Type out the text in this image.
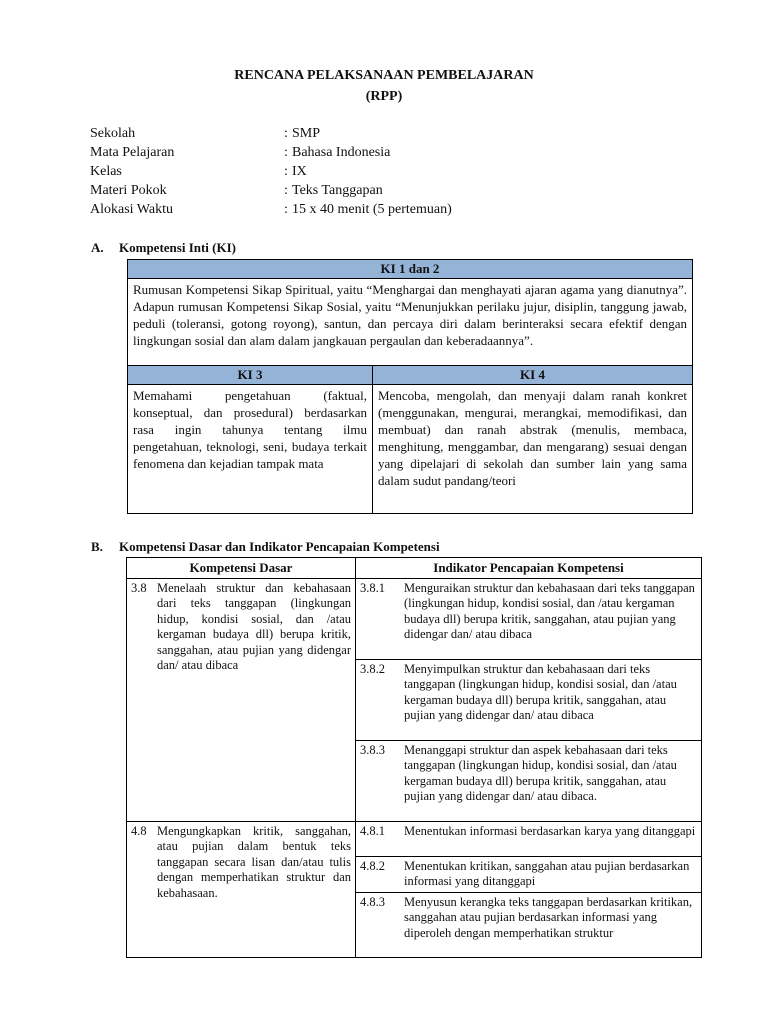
RENCANA PELAKSANAAN PEMBELAJARAN
(RPP)
Sekolah	: SMP
Mata Pelajaran	: Bahasa Indonesia
Kelas	: IX
Materi Pokok	: Teks Tanggapan
Alokasi Waktu	: 15 x 40 menit (5 pertemuan)
A. Kompetensi Inti (KI)
KI 1 dan 2	
Rumusan Kompetensi Sikap Spiritual, yaitu “Menghargai dan menghayati ajaran agama yang dianutnya”. Adapun rumusan Kompetensi Sikap Sosial, yaitu “Menunjukkan perilaku jujur, disiplin, tanggung jawab, peduli (toleransi, gotong royong), santun, dan percaya diri dalam berinteraksi secara efektif dengan lingkungan sosial dan alam dalam jangkauan pergaulan dan keberadaannya”.	
KI 3	KI 4
Memahami pengetahuan (faktual, konseptual, dan prosedural) berdasarkan rasa ingin tahunya tentang ilmu pengetahuan, teknologi, seni, budaya terkait fenomena dan kejadian tampak mata	Mencoba, mengolah, dan menyaji dalam ranah konkret (menggunakan, mengurai, merangkai, memodifikasi, dan membuat) dan ranah abstrak (menulis, membaca, menghitung, menggambar, dan mengarang) sesuai dengan yang dipelajari di sekolah dan sumber lain yang sama dalam sudut pandang/teori
B. Kompetensi Dasar dan Indikator Pencapaian Kompetensi
Kompetensi Dasar	Indikator Pencapaian Kompetensi

3.8 Menelaah struktur dan kebahasaan dari teks tanggapan (lingkungan hidup, kondisi sosial, dan /atau kergaman budaya dll) berupa kritik, sanggahan, atau pujian yang didengar dan/ atau dibaca	3.8.1 Menguraikan struktur dan kebahasaan dari teks tanggapan (lingkungan hidup, kondisi sosial, dan /atau kergaman budaya dll) berupa kritik, sanggahan, atau pujian yang didengar dan/ atau dibaca

	3.8.2 Menyimpulkan struktur dan kebahasaan dari teks tanggapan (lingkungan hidup, kondisi sosial, dan /atau kergaman budaya dll) berupa kritik, sanggahan, atau pujian yang didengar dan/ atau dibaca

	3.8.3 Menanggapi struktur dan aspek kebahasaan dari teks tanggapan (lingkungan hidup, kondisi sosial, dan /atau kergaman budaya dll) berupa kritik, sanggahan, atau pujian yang didengar dan/ atau dibaca.

4.8 Mengungkapkan kritik, sanggahan, atau pujian dalam bentuk teks tanggapan secara lisan dan/atau tulis dengan memperhatikan struktur dan kebahasaan.	4.8.1 Menentukan informasi berdasarkan karya yang ditanggapi

	4.8.2 Menentukan kritikan, sanggahan atau pujian berdasarkan informasi yang ditanggapi

	4.8.3 Menyusun kerangka teks tanggapan berdasarkan kritikan, sanggahan atau pujian berdasarkan informasi yang diperoleh dengan memperhatikan struktur
